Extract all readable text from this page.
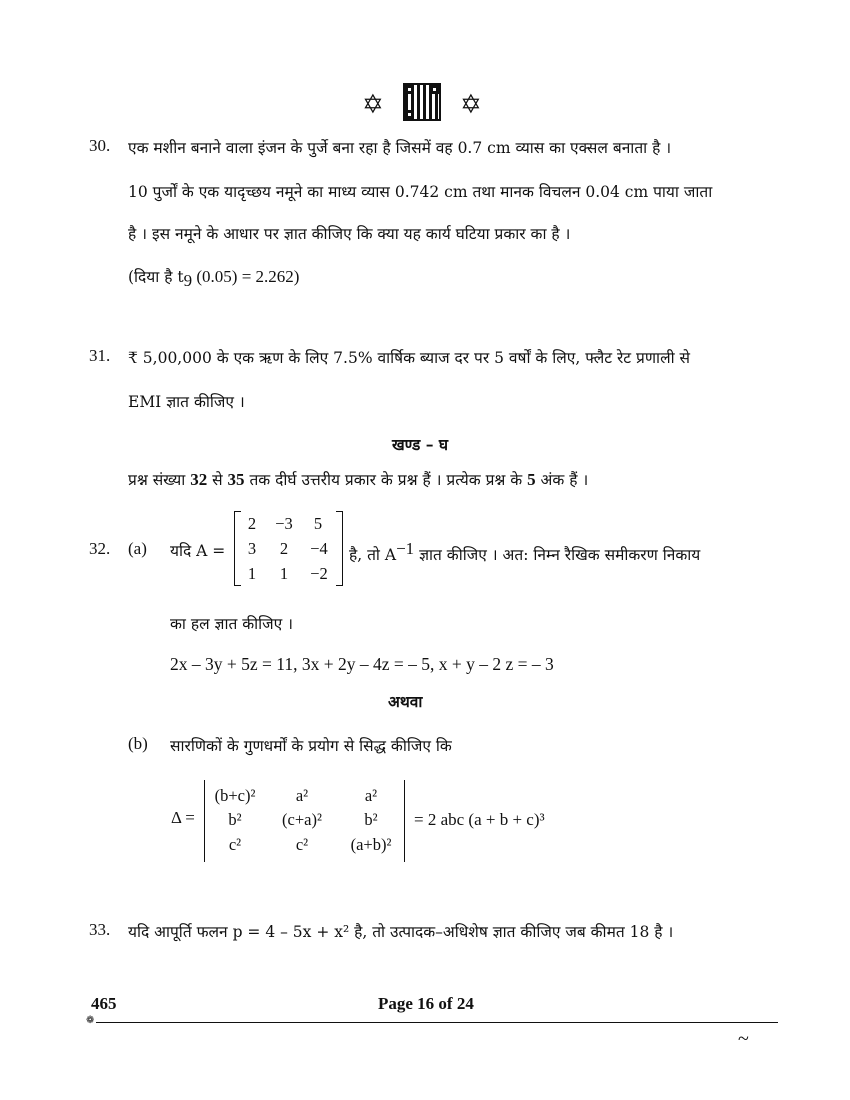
✡	✡
30. एक मशीन बनाने वाला इंजन के पुर्जे बना रहा है जिसमें वह 0.7 cm व्यास का एक्सल बनाता है ।
10 पुर्जों के एक यादृच्छय नमूने का माध्य व्यास 0.742 cm तथा मानक विचलन 0.04 cm पाया जाता
है । इस नमूने के आधार पर ज्ञात कीजिए कि क्या यह कार्य घटिया प्रकार का है ।
(दिया है $t_9$ (0.05) = 2.262)
31. ₹ 5,00,000 के एक ऋण के लिए 7.5% वार्षिक ब्याज दर पर 5 वर्षों के लिए, फ्लैट रेट प्रणाली से
EMI ज्ञात कीजिए ।
खण्ड – घ
प्रश्न संख्या 32 से 35 तक दीर्घ उत्तरीय प्रकार के प्रश्न हैं । प्रत्येक प्रश्न के 5 अंक हैं ।
32. (a) यदि A =
2	−3	5
3	2	−4
1	1	−2
है, तो $A^{-1}$ ज्ञात कीजिए । अत: निम्न रैखिक समीकरण निकाय
का हल ज्ञात कीजिए ।
2x – 3y + 5z = 11, 3x + 2y – 4z = – 5, x + y – 2 z = – 3
अथवा
(b) सारणिकों के गुणधर्मों के प्रयोग से सिद्ध कीजिए कि
Δ =
(b+c)²	a²	a²
b²	(c+a)²	b²
c²	c²	(a+b)²
= 2 abc (a + b + c)³
33. यदि आपूर्ति फलन p = 4 – 5x + x² है, तो उत्पादक–अधिशेष ज्ञात कीजिए जब कीमत 18 है ।
465	Page 16 of 24
❁
~
